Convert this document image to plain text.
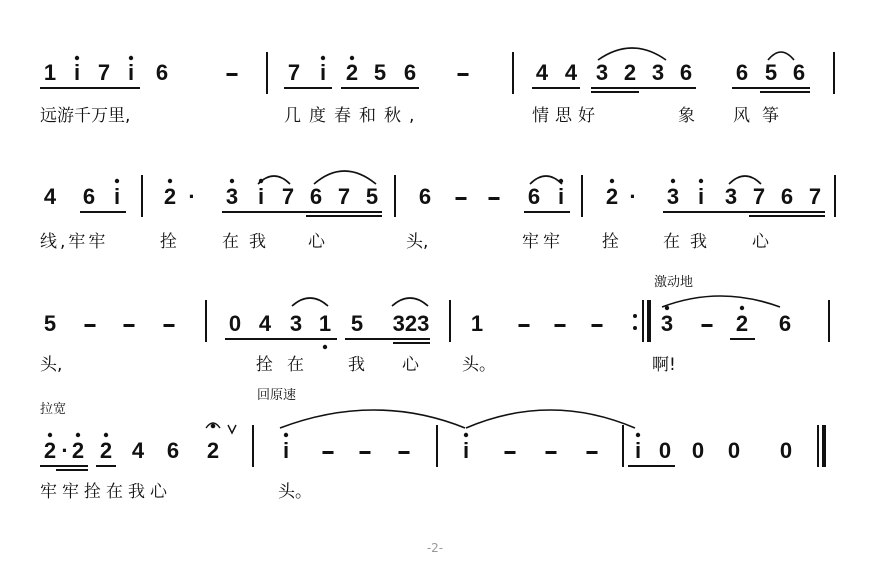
1 i 7 i 6	7 i 2 5 6	4 4 3 2 3 6 6 5 6
远游千万里,	几度春和秋,	情思好	象 风筝
4 6 i 2 · 3 i 7 6 7 5 6	6 i 2 · 3 i 3 7 6 7
线,牢牢	拴	在我 心	头,	牢牢 拴	在我 心
激动地
5	0 4 3 1 5 323 1	3	2 6
头,	拴在 我 心	头。	啊!
拉宽
回原速
2 · 2 2 4 6 2	i	i	i 0 0 0 0
牢牢拴在我心	头。
-2-
